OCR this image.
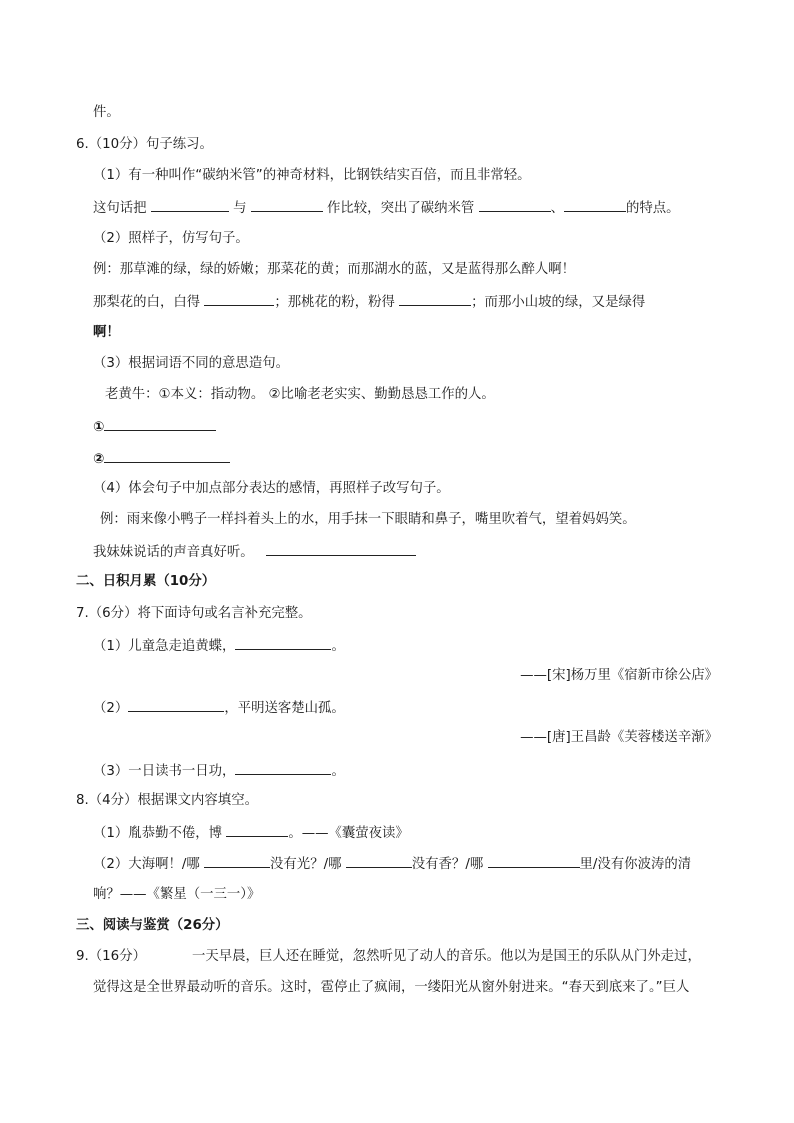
件。
6.（10分）句子练习。
（1）有一种叫作“碳纳米管”的神奇材料，比钢铁结实百倍，而且非常轻。
这句话把	与	作比较，突出了碳纳米管	、	的特点。
（2）照样子，仿写句子。
例：那草滩的绿，绿的娇嫩；那菜花的黄；而那湖水的蓝，又是蓝得那么醉人啊！
那梨花的白，白得	；那桃花的粉，粉得	；而那小山坡的绿，又是绿得
啊！
（3）根据词语不同的意思造句。
老黄牛：①本义：指动物。 ②比喻老老实实、勤勤恳恳工作的人。
①
②
（4）体会句子中加点部分表达的感情，再照样子改写句子。
例：雨来像小鸭子一样抖着头上的水，用手抹一下眼睛和鼻子，嘴里吹着气，望着妈妈笑。
我妹妹说话的声音真好听。
二、日积月累（10分）
7.（6分）将下面诗句或名言补充完整。
（1）儿童急走追黄蝶，	。
——[宋]杨万里《宿新市徐公店》
（2）	，平明送客楚山孤。
——[唐]王昌龄《芙蓉楼送辛渐》
（3）一日读书一日功，	。
8.（4分）根据课文内容填空。
（1）胤恭勤不倦，博	。——《囊萤夜读》
（2）大海啊！/哪	没有光？/哪	没有香？/哪	里/没有你波涛的清
响？——《繁星（一三一）》
三、阅读与鉴赏（26分）
9.（16分）	一天早晨，巨人还在睡觉，忽然听见了动人的音乐。他以为是国王的乐队从门外走过，
觉得这是全世界最动听的音乐。这时，雹停止了疯闹，一缕阳光从窗外射进来。“春天到底来了。”巨人
